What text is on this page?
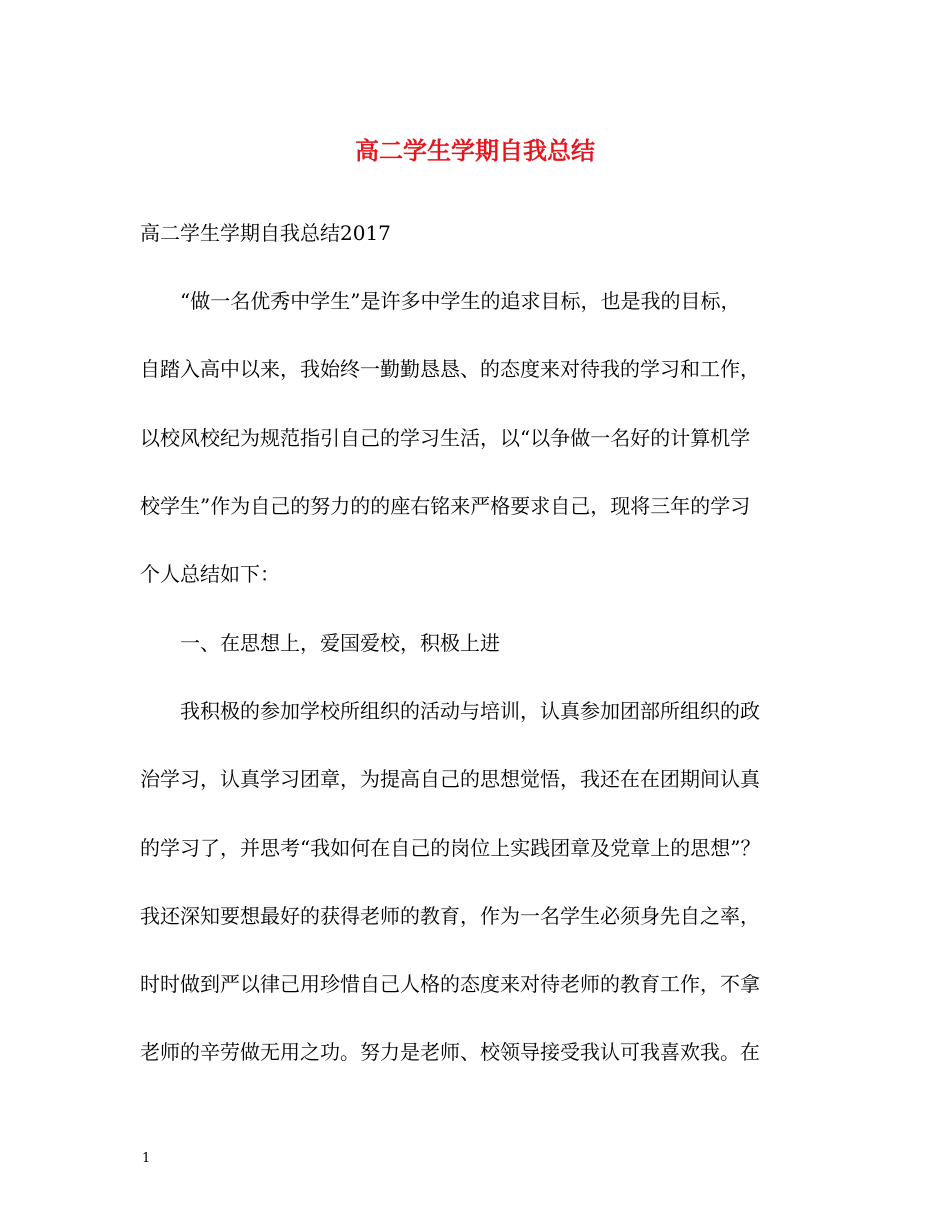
高二学生学期自我总结
高二学生学期自我总结2017
“做一名优秀中学生”是许多中学生的追求目标，也是我的目标，
自踏入高中以来，我始终一勤勤恳恳、的态度来对待我的学习和工作，
以校风校纪为规范指引自己的学习生活，以“以争做一名好的计算机学
校学生”作为自己的努力的的座右铭来严格要求自己，现将三年的学习
个人总结如下：
一、在思想上，爱国爱校，积极上进
我积极的参加学校所组织的活动与培训，认真参加团部所组织的政
治学习，认真学习团章，为提高自己的思想觉悟，我还在在团期间认真
的学习了，并思考“我如何在自己的岗位上实践团章及党章上的思想”？
我还深知要想最好的获得老师的教育，作为一名学生必须身先自之率，
时时做到严以律己用珍惜自己人格的态度来对待老师的教育工作，不拿
老师的辛劳做无用之功。努力是老师、校领导接受我认可我喜欢我。在
1
